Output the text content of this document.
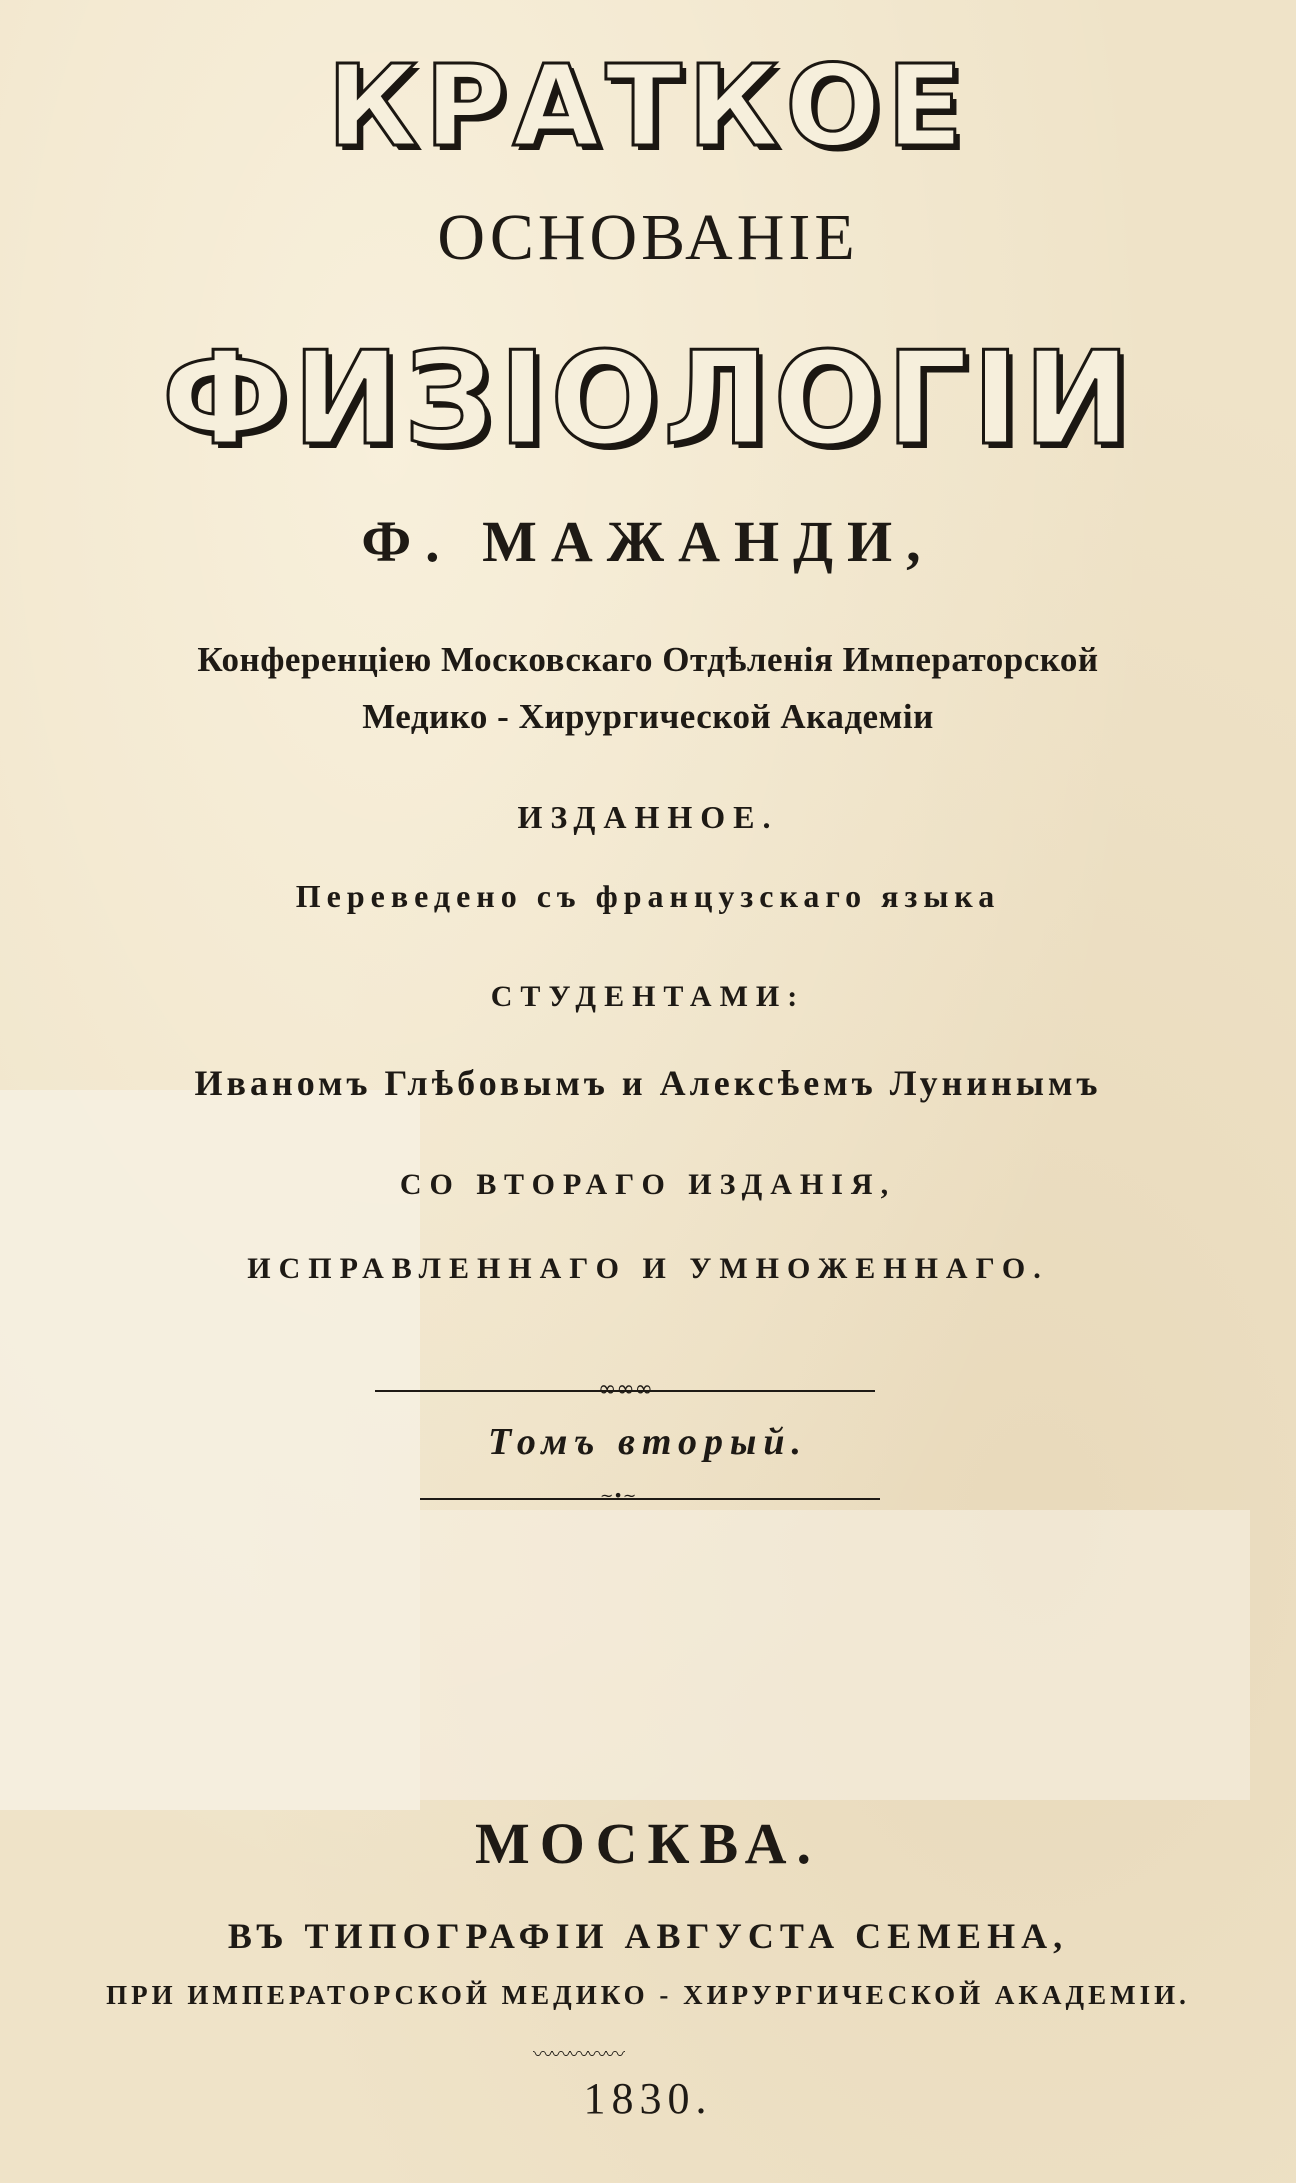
КРАТКОЕ
ОСНОВАНІЕ
ФИЗІОЛОГІИ

Ф. МАЖАНДИ,

Конференціею Московскаго Отдѣленія Императорской

Медико - Хирургической Академіи

ИЗДАННОЕ.

Переведено съ французскаго языка

СТУДЕНТАМИ:

Иваномъ Глѣбовымъ и Алексѣемъ Лунинымъ

СО ВТОРАГО ИЗДАНІЯ,

ИСПРАВЛЕННАГО И УМНОЖЕННАГО.

∞∞∞

Томъ вторый.

~•~

МОСКВА.

ВЪ ТИПОГРАФІИ АВГУСТА СЕМЕНА,

ПРИ ИМПЕРАТОРСКОЙ МЕДИКО - ХИРУРГИЧЕСКОЙ АКАДЕМІИ.

〰〰〰〰〰

1830.
